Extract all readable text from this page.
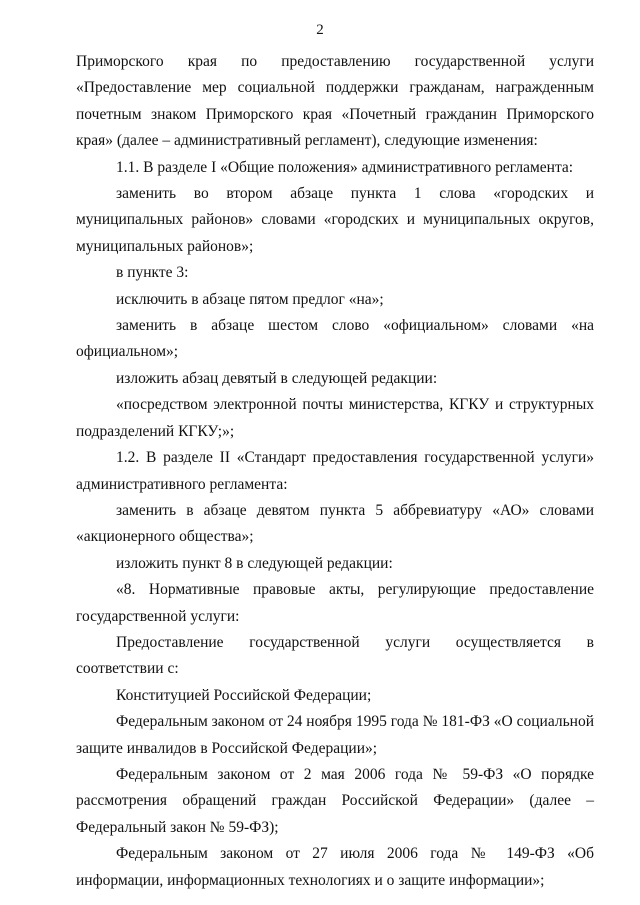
2

Приморского края по предоставлению государственной услуги «Предоставление мер социальной поддержки гражданам, награжденным почетным знаком Приморского края «Почетный гражданин Приморского края» (далее – административный регламент), следующие изменения:

1.1. В разделе I «Общие положения» административного регламента:

заменить во втором абзаце пункта 1 слова «городских и муниципальных районов» словами «городских и муниципальных округов, муниципальных районов»;

в пункте 3:

исключить в абзаце пятом предлог «на»;

заменить в абзаце шестом слово «официальном» словами «на официальном»;

изложить абзац девятый в следующей редакции:

«посредством электронной почты министерства, КГКУ и структурных подразделений КГКУ;»;

1.2. В разделе II «Стандарт предоставления государственной услуги» административного регламента:

заменить в абзаце девятом пункта 5 аббревиатуру «АО» словами «акционерного общества»;

изложить пункт 8 в следующей редакции:

«8. Нормативные правовые акты, регулирующие предоставление государственной услуги:

Предоставление государственной услуги осуществляется в соответствии с:

Конституцией Российской Федерации;

Федеральным законом от 24 ноября 1995 года № 181-ФЗ «О социальной защите инвалидов в Российской Федерации»;

Федеральным законом от 2 мая 2006 года № 59-ФЗ «О порядке рассмотрения обращений граждан Российской Федерации» (далее – Федеральный закон № 59-ФЗ);

Федеральным законом от 27 июля 2006 года № 149-ФЗ «Об информации, информационных технологиях и о защите информации»;
